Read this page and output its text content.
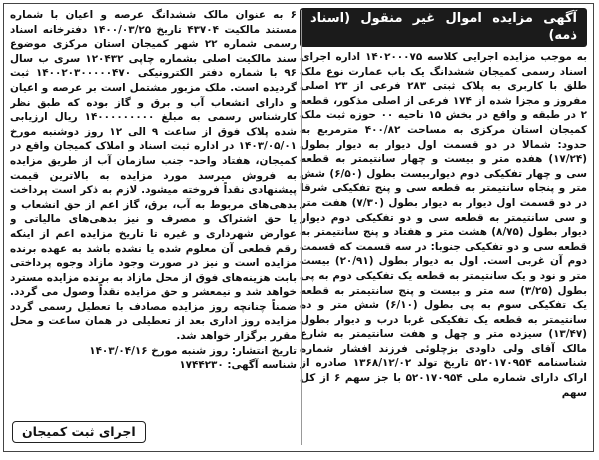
آگهی مزایده اموال غیر منقول (اسناد ذمه)

به موجب مزایده اجرایی کلاسه ۱۴۰۲۰۰۰۷۵ اداره اجرای اسناد رسمی کمیجان ششدانگ یک باب عمارت نوع ملک طلق با کاربری به پلاک ثبتی ۲۸۳ فرعی از ۲۳ اصلی مفروز و مجزا شده از ۱۷۴ فرعی از اصلی مذکور، قطعه ۲ در طبقه و واقع در بخش ۱۵ ناحیه ۰۰ حوزه ثبت ملک کمیجان استان مرکزی به مساحت ۴۰۰/۸۲ مترمربع به حدود: شمالا در دو قسمت اول دیوار به دیوار بطول (۱۷/۲۴) هفده متر و بیست و چهار سانتیمتر به قطعه سی و چهار تفکیکی دوم دیواربیست بطول (۶/۵۰) شش متر و پنجاه سانتیمتر به قطعه سی و پنج تفکیکی شرقا در دو قسمت اول دیوار به دیوار بطول (۷/۳۰) هفت متر و سی سانتیمتر به قطعه سی و دو تفکیکی دوم دیوار دیوار بطول (۸/۷۵) هشت متر و هفتاد و پنج سانتیمتر به قطعه سی و دو تفکیکی جنوبا: در سه قسمت که قسمت دوم آن غربی است. اول به دیوار بطول (۲۰/۹۱) بیست متر و نود و یک سانتیمتر به قطعه یک تفکیکی دوم به پی بطول (۳/۲۵) سه متر و بیست و پنج سانتیمتر به قطعه یک تفکیکی سوم به پی بطول (۶/۱۰) شش متر و ده سانتیمتر به قطعه یک تفکیکی غربا درب و دیوار بطول (۱۳/۴۷) سیزده متر و چهل و هفت سانتیمتر به شارع مالک آقای ولی داودی بزچلوئی فرزند افشار شماره شناسنامه ۵۲۰۱۷۰۹۵۴ تاریخ تولد ۱۳۶۸/۱۲/۰۲ صادره از اراک دارای شماره ملی ۵۲۰۱۷۰۹۵۴ با جز سهم ۶ از کل سهم

۶ به عنوان مالک ششدانگ عرصه و اعیان با شماره مستند مالکیت ۴۳۷۰۴ تاریخ ۱۴۰۰/۰۳/۲۵ دفترخانه اسناد رسمی شماره ۲۲ شهر کمیجان استان مرکزی موضوع سند مالکیت اصلی بشماره چاپی ۱۲۰۴۳۲ سری ب سال ۹۶ با شماره دفتر الکترونیکی ۱۴۰۰۲۰۳۰۰۰۰۰۴۷۰ ثبت گردیده است. ملک مزبور مشتمل است بر عرصه و اعیان و دارای انشعاب آب و برق و گاز بوده که طبق نظر کارشناس رسمی به مبلغ ۱۴۰۰۰۰۰۰۰۰۰ ریال ارزیابی شده پلاک فوق از ساعت ۹ الی ۱۲ روز دوشنبه مورخ ۱۴۰۳/۰۵/۰۱ در اداره ثبت اسناد و املاک کمیجان واقع در کمیجان، هفتاد واحد- جنب سازمان آب از طریق مزایده به فروش میرسد مورد مزایده به بالاترین قیمت پیشنهادی نقداً فروخته میشود. لازم به ذکر است پرداخت بدهی‌های مربوط به آب، برق، گاز اعم از حق انشعاب و یا حق اشتراک و مصرف و نیز بدهی‌های مالیاتی و عوارض شهرداری و غیره تا تاریخ مزایده اعم از اینکه رقم قطعی آن معلوم شده یا نشده باشد به عهده برنده مزایده است و نیز در صورت وجود مازاد وجوه پرداختی بابت هزینه‌های فوق از محل مازاد به برنده مزایده مسترد خواهد شد و نیمعشر و حق مزایده نقداً وصول می گردد. ضمناً چنانچه روز مزایده مصادف با تعطیل رسمی گردد مزایده روز اداری بعد از تعطیلی در همان ساعت و محل مقرر برگزار خواهد شد.

تاریخ انتشار: روز شنبه مورخ ۱۴۰۳/۰۴/۱۶

شناسه آگهی: ۱۷۴۴۲۳۰

اجرای ثبت کمیجان
